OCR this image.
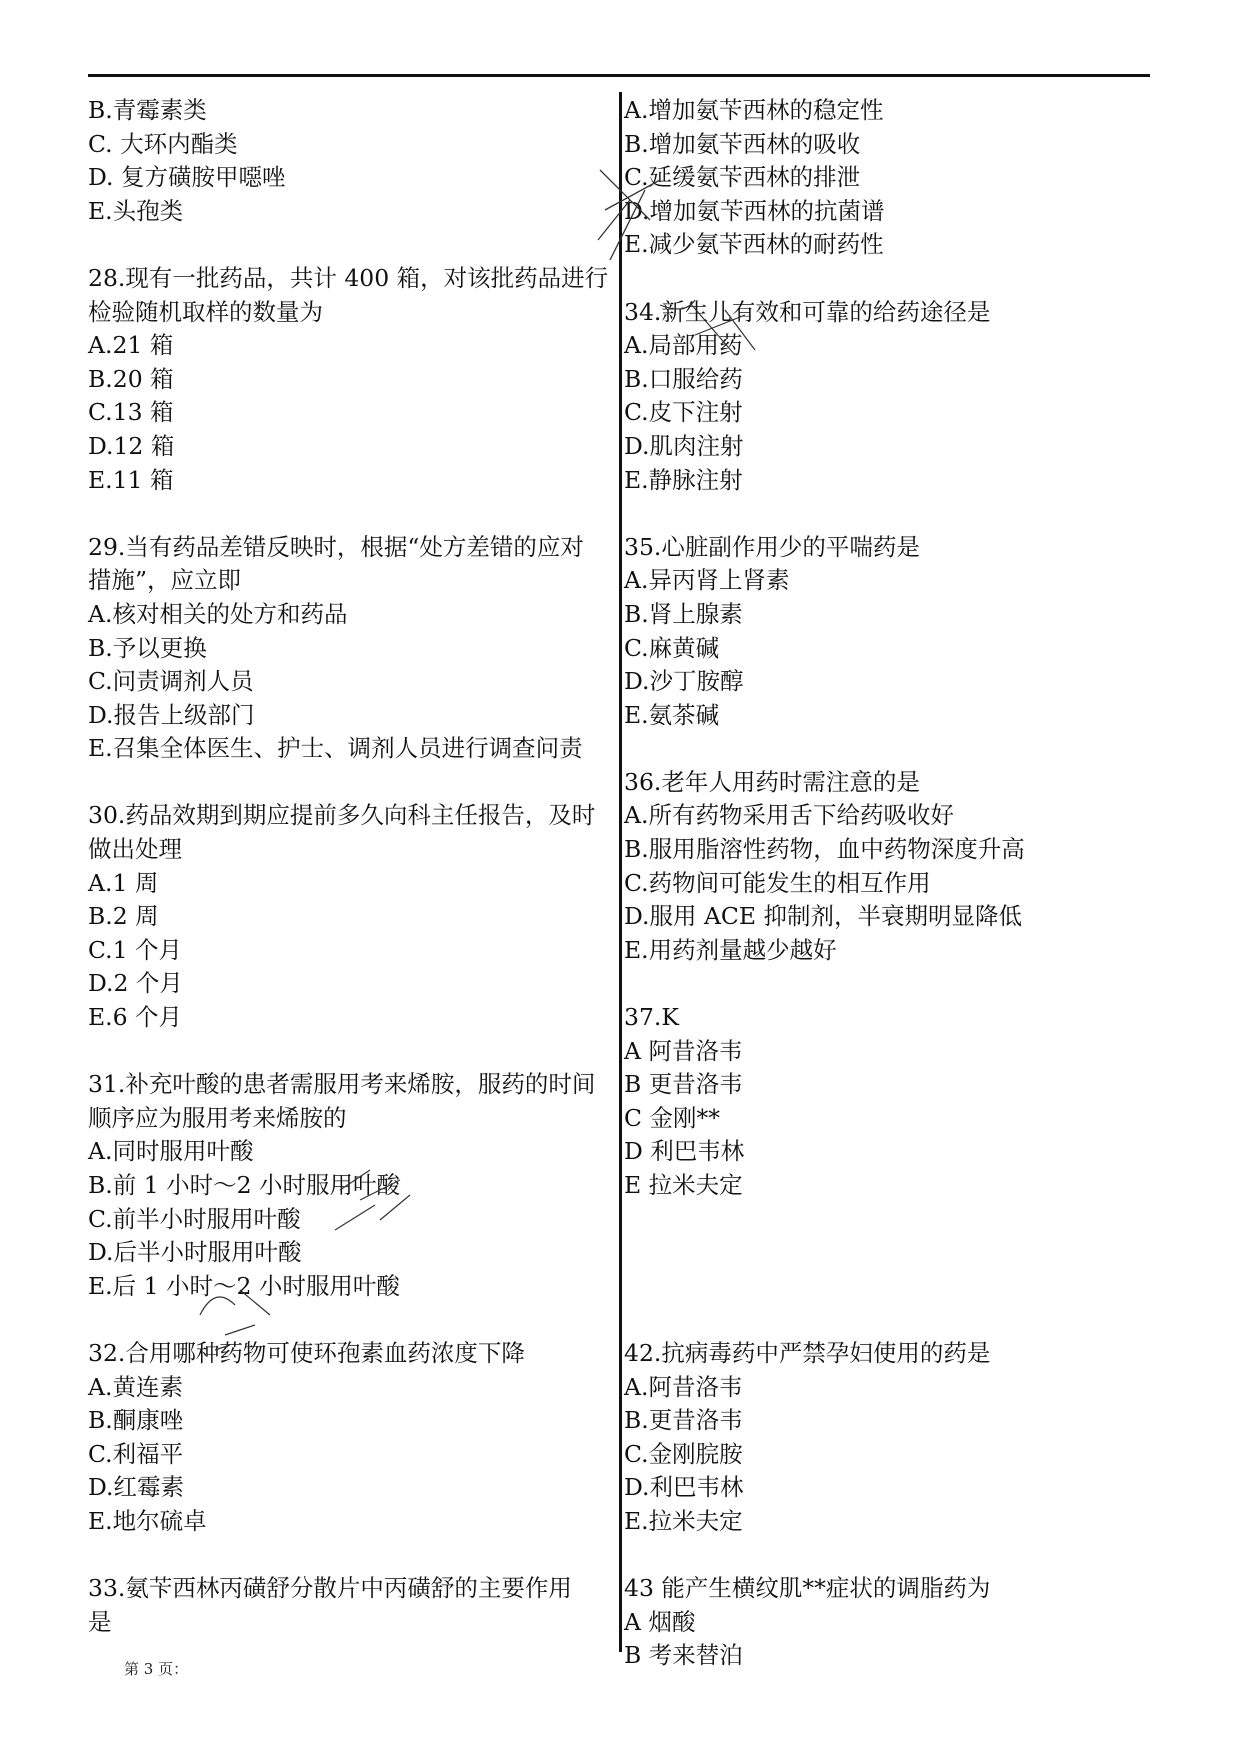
B.青霉素类
C. 大环内酯类
D. 复方磺胺甲噁唑
E.头孢类
28.现有一批药品，共计 400 箱，对该批药品进行
检验随机取样的数量为
A.21 箱
B.20 箱
C.13 箱
D.12 箱
E.11 箱
29.当有药品差错反映时，根据“处方差错的应对
措施”，应立即
A.核对相关的处方和药品
B.予以更换
C.问责调剂人员
D.报告上级部门
E.召集全体医生、护士、调剂人员进行调查问责
30.药品效期到期应提前多久向科主任报告，及时
做出处理
A.1 周
B.2 周
C.1 个月
D.2 个月
E.6 个月
31.补充叶酸的患者需服用考来烯胺，服药的时间
顺序应为服用考来烯胺的
A.同时服用叶酸
B.前 1 小时～2 小时服用叶酸
C.前半小时服用叶酸
D.后半小时服用叶酸
E.后 1 小时～2 小时服用叶酸
32.合用哪种药物可使环孢素血药浓度下降
A.黄连素
B.酮康唑
C.利福平
D.红霉素
E.地尔硫卓
33.氨苄西林丙磺舒分散片中丙磺舒的主要作用
是
A.增加氨苄西林的稳定性
B.增加氨苄西林的吸收
C.延缓氨苄西林的排泄
D.增加氨苄西林的抗菌谱
E.减少氨苄西林的耐药性
34.新生儿有效和可靠的给药途径是
A.局部用药
B.口服给药
C.皮下注射
D.肌肉注射
E.静脉注射
35.心脏副作用少的平喘药是
A.异丙肾上肾素
B.肾上腺素
C.麻黄碱
D.沙丁胺醇
E.氨茶碱
36.老年人用药时需注意的是
A.所有药物采用舌下给药吸收好
B.服用脂溶性药物，血中药物深度升高
C.药物间可能发生的相互作用
D.服用 ACE 抑制剂，半衰期明显降低
E.用药剂量越少越好
37.K
A 阿昔洛韦
B 更昔洛韦
C 金刚**
D 利巴韦林
E 拉米夫定
42.抗病毒药中严禁孕妇使用的药是
A.阿昔洛韦
B.更昔洛韦
C.金刚脘胺
D.利巴韦林
E.拉米夫定
43 能产生横纹肌**症状的调脂药为
A 烟酸
B 考来替泊
第 3 页：
